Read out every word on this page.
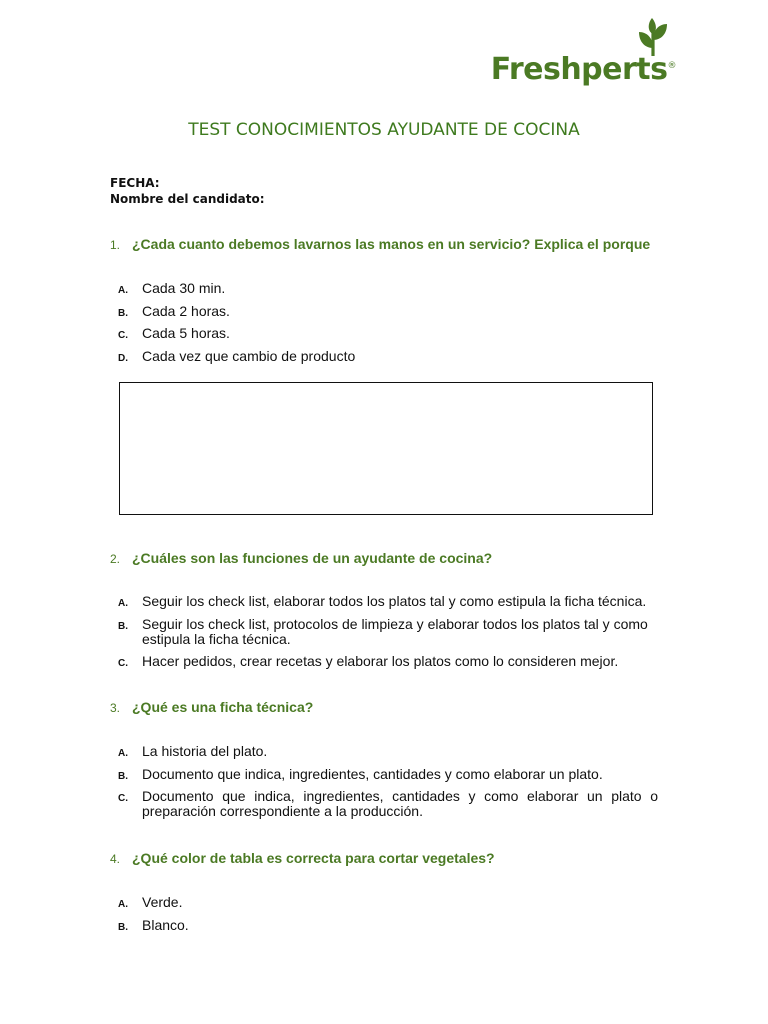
Freshperts®
TEST CONOCIMIENTOS AYUDANTE DE COCINA
FECHA:
Nombre del candidato:
1. ¿Cada cuanto debemos lavarnos las manos en un servicio? Explica el porque
A. Cada 30 min.
B. Cada 2 horas.
C. Cada 5 horas.
D. Cada vez que cambio de producto
2. ¿Cuáles son las funciones de un ayudante de cocina?
A. Seguir los check list, elaborar todos los platos tal y como estipula la ficha técnica.
B. Seguir los check list, protocolos de limpieza y elaborar todos los platos tal y como estipula la ficha técnica.
C. Hacer pedidos, crear recetas y elaborar los platos como lo consideren mejor.
3. ¿Qué es una ficha técnica?
A. La historia del plato.
B. Documento que indica, ingredientes, cantidades y como elaborar un plato.
C. Documento que indica, ingredientes, cantidades y como elaborar un plato o preparación correspondiente a la producción.
4. ¿Qué color de tabla es correcta para cortar vegetales?
A. Verde.
B. Blanco.
